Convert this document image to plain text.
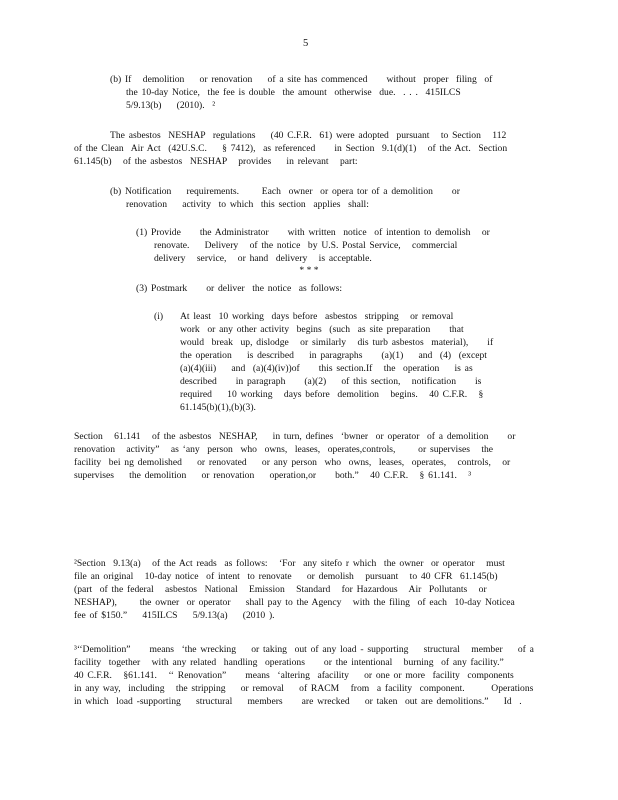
5
(b) If   demolition    or renovation    of a site has commenced     without  proper  filing  of
the 10-day Notice,  the fee is double  the amount  otherwise  due.  . . .  415ILCS
5/9.13(b)    (2010).  ²
The asbestos  NESHAP  regulations    (40 C.F.R.  61) were adopted  pursuant   to Section   112
of the Clean  Air Act  (42U.S.C.    § 7412),  as referenced     in Section  9.1(d)(1)   of the Act.  Section
61.145(b)   of the asbestos  NESHAP   provides    in relevant   part:
(b) Notification    requirements.      Each  owner  or opera tor of a demolition     or
renovation    activity  to which  this section  applies  shall:
(1) Provide     the Administrator     with written  notice  of intention to demolish   or
renovate.    Delivery   of the notice  by U.S. Postal Service,   commercial
delivery   service,   or hand  delivery   is acceptable.
* * *
(3) Postmark     or deliver  the notice  as follows:
(i) At least  10 working  days before  asbestos  stripping   or removal
work  or any other activity  begins  (such  as site preparation     that
would  break  up, dislodge   or similarly   dis turb asbestos  material),     if
the operation    is described    in paragraphs     (a)(1)    and  (4)  (except
(a)(4)(iii)    and  (a)(4)(iv))of     this section.If   the  operation    is as
described     in paragraph     (a)(2)    of this section,   notification     is
required    10 working   days before  demolition   begins.   40 C.F.R.   §
61.145(b)(1),(b)(3).
Section   61.141   of the asbestos  NESHAP,    in turn, defines  ‘bwner  or operator  of a demolition     or
renovation   activity”   as ‘any  person  who  owns,  leases,  operates,controls,      or supervises   the
facility  bei ng demolished    or renovated    or any person  who  owns,  leases,  operates,   controls,   or
supervises    the demolition    or renovation    operation,or     both.”   40 C.F.R.   § 61.141.   ³
²Section  9.13(a)   of the Act reads  as follows:   ‘For  any sitefo r which  the owner  or operator   must
file an original   10-day notice  of intent  to renovate    or demolish   pursuant   to 40 CFR  61.145(b)
(part  of the federal   asbestos  National   Emission   Standard   for Hazardous   Air  Pollutants   or
NESHAP),      the owner  or operator    shall pay to the Agency   with the filing  of each  10-day Noticea
fee of $150.”    415ILCS    5/9.13(a)    (2010 ).
³‘‘Demolition”     means  ‘the wrecking    or taking  out of any load - supporting    structural   member    of a
facility  together   with any related  handling  operations     or the intentional   burning  of any facility.”
40 C.F.R.   §61.141.   ‘‘ Renovation”     means  ‘altering  afacility    or one or more  facility  components
in any way,  including   the stripping    or removal    of RACM   from  a facility  component.       Operations
in which  load -supporting    structural    members     are wrecked    or taken  out are demolitions.”    Id  .
